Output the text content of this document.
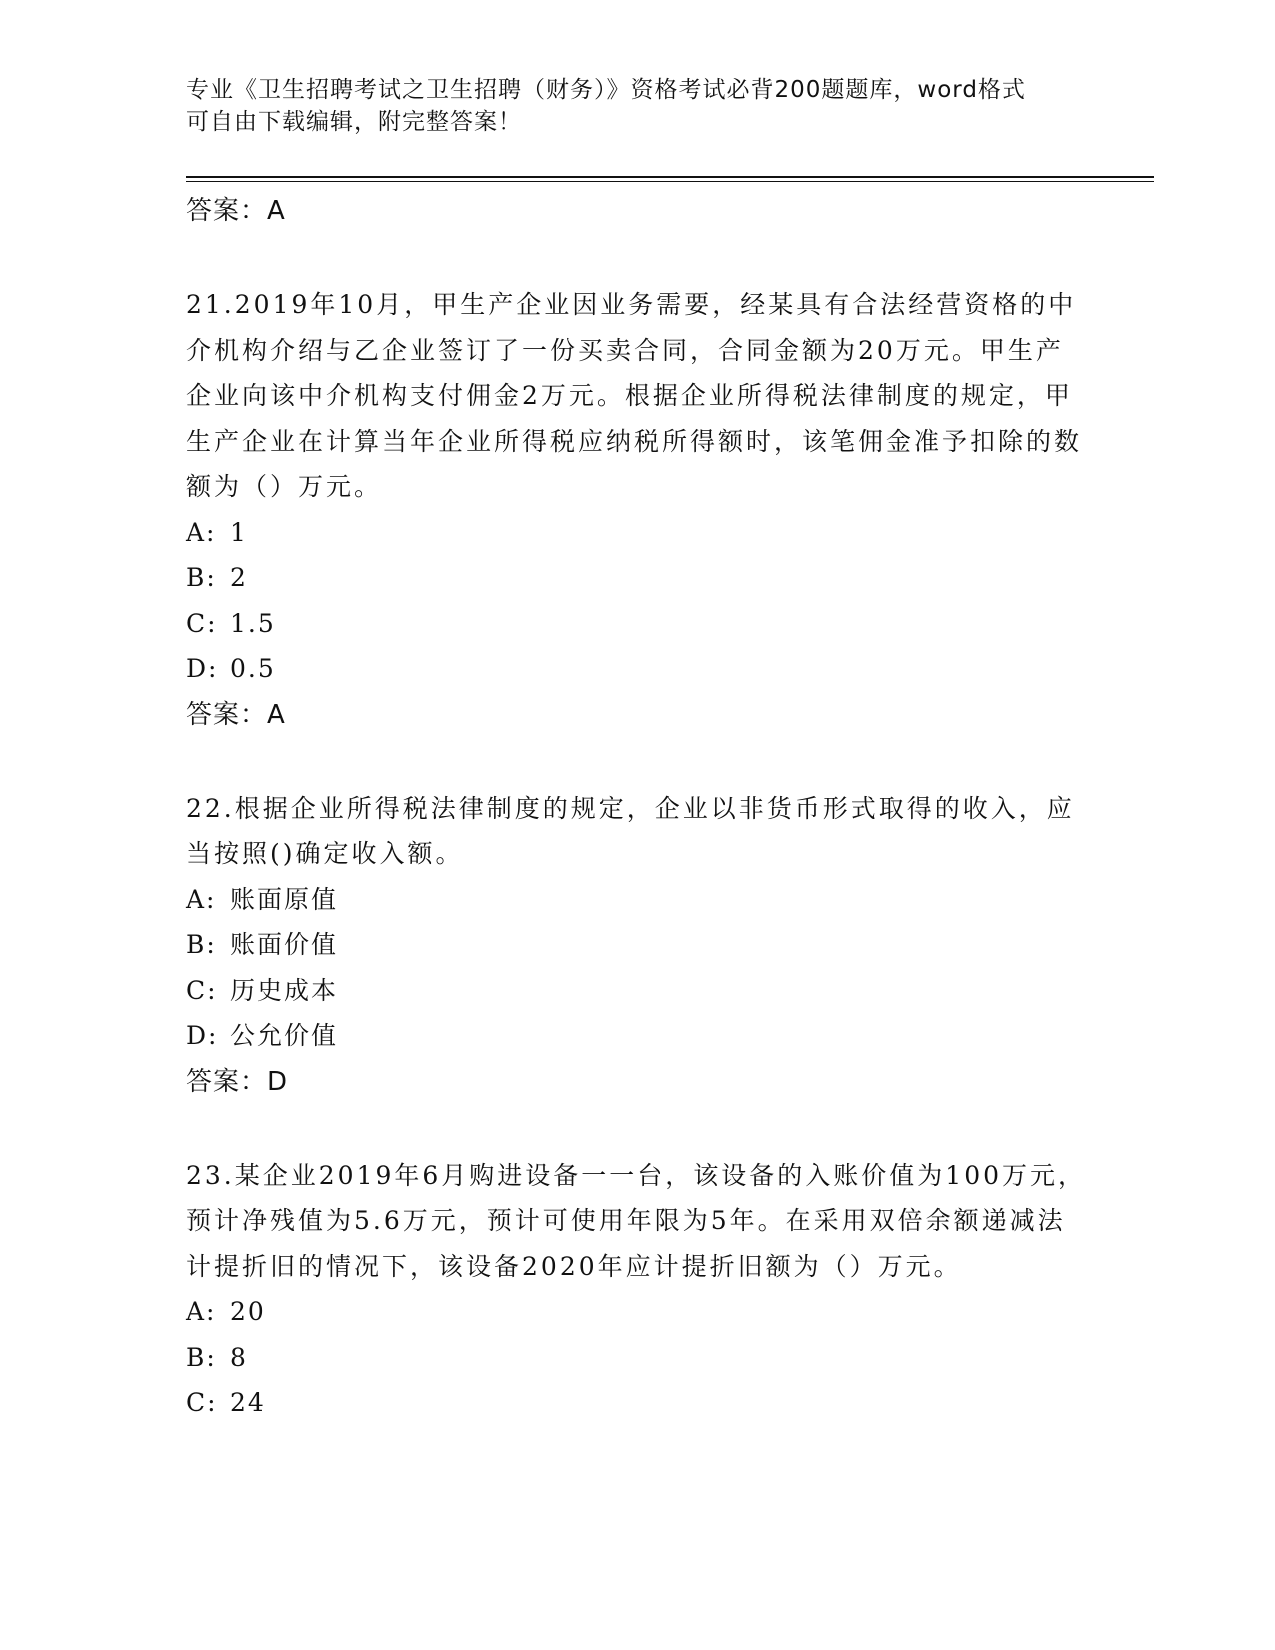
专业《卫生招聘考试之卫生招聘（财务）》资格考试必背200题题库，word格式
可自由下载编辑，附完整答案！
答案：A

21.2019年10月，甲生产企业因业务需要，经某具有合法经营资格的中介机构介绍与乙企业签订了一份买卖合同，合同金额为20万元。甲生产企业向该中介机构支付佣金2万元。根据企业所得税法律制度的规定，甲生产企业在计算当年企业所得税应纳税所得额时，该笔佣金准予扣除的数额为（）万元。

A: 1
B: 2
C: 1.5
D: 0.5
答案：A

22.根据企业所得税法律制度的规定，企业以非货币形式取得的收入，应当按照()确定收入额。

A: 账面原值
B: 账面价值
C: 历史成本
D: 公允价值
答案：D

23.某企业2019年6月购进设备一一台，该设备的入账价值为100万元，预计净残值为5.6万元，预计可使用年限为5年。在采用双倍余额递减法计提折旧的情况下，该设备2020年应计提折旧额为（）万元。

A: 20
B: 8
C: 24
